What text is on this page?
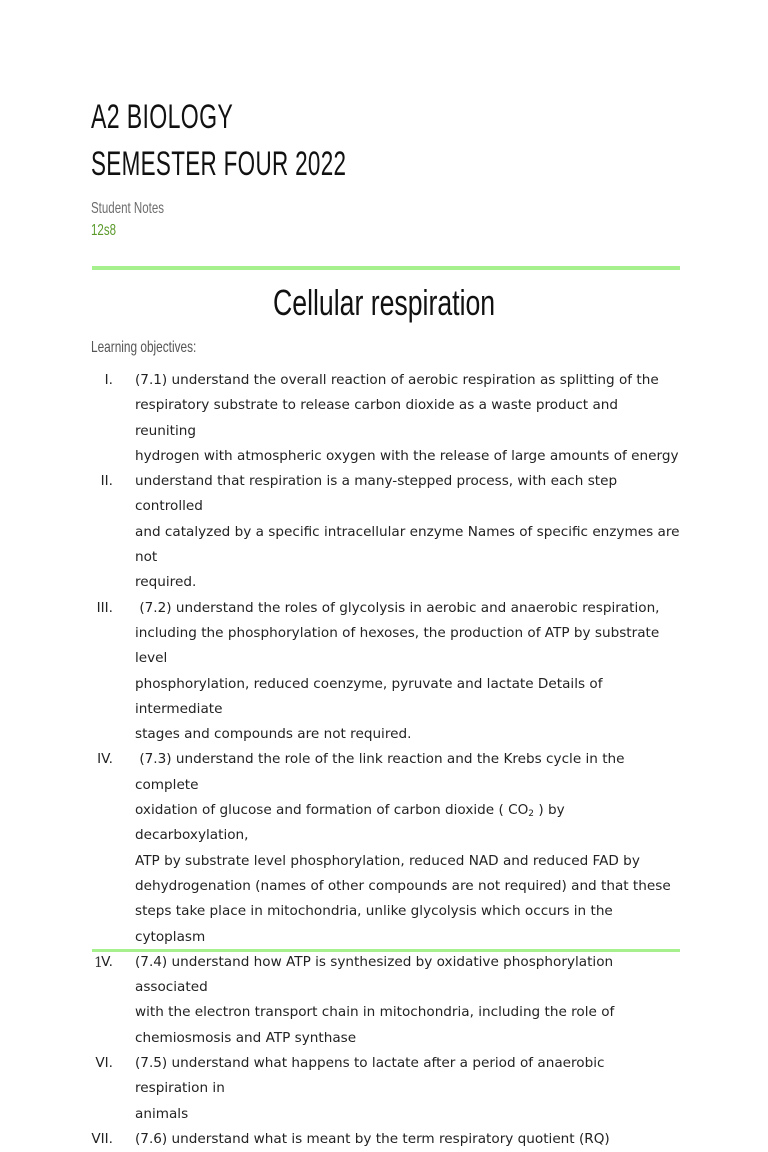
A2 BIOLOGY
SEMESTER FOUR 2022
Student Notes
12s8
Cellular respiration
Learning objectives:
I. (7.1) understand the overall reaction of aerobic respiration as splitting of the
respiratory substrate to release carbon dioxide as a waste product and reuniting
hydrogen with atmospheric oxygen with the release of large amounts of energy
II. understand that respiration is a many-stepped process, with each step controlled
and catalyzed by a specific intracellular enzyme Names of specific enzymes are not
required.
III. (7.2) understand the roles of glycolysis in aerobic and anaerobic respiration,
including the phosphorylation of hexoses, the production of ATP by substrate level
phosphorylation, reduced coenzyme, pyruvate and lactate Details of intermediate
stages and compounds are not required.
IV. (7.3) understand the role of the link reaction and the Krebs cycle in the complete
oxidation of glucose and formation of carbon dioxide ( $CO_2$ ) by decarboxylation,
ATP by substrate level phosphorylation, reduced NAD and reduced FAD by
dehydrogenation (names of other compounds are not required) and that these
steps take place in mitochondria, unlike glycolysis which occurs in the cytoplasm
V. (7.4) understand how ATP is synthesized by oxidative phosphorylation associated
with the electron transport chain in mitochondria, including the role of
chemiosmosis and ATP synthase
VI. (7.5) understand what happens to lactate after a period of anaerobic respiration in
animals
VII. (7.6) understand what is meant by the term respiratory quotient (RQ)
1
